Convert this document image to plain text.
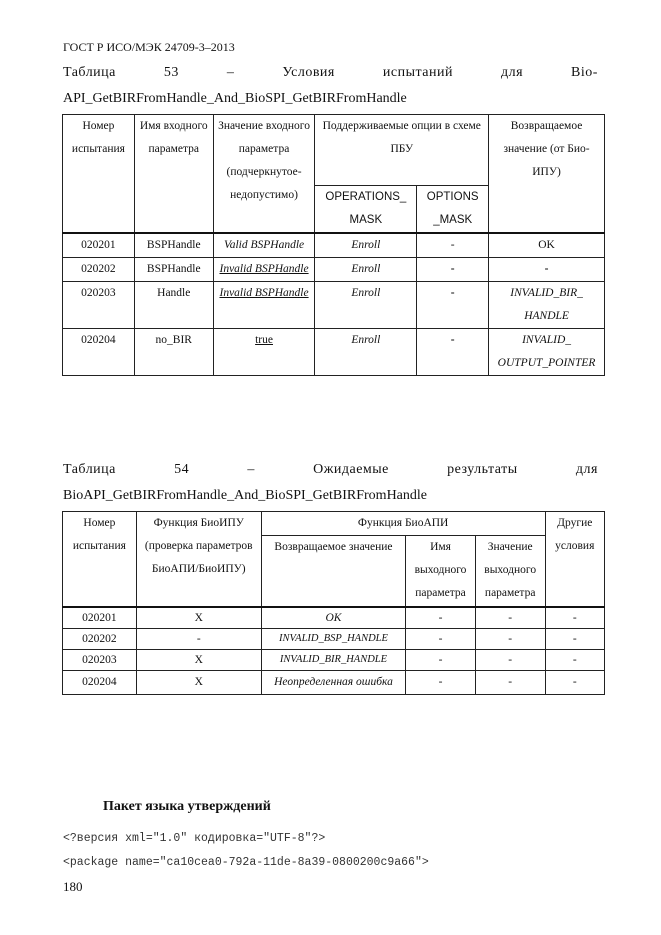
ГОСТ Р ИСО/МЭК 24709-3–2013
Таблица	53	–	Условия	испытаний	для	Bio-
API_GetBIRFromHandle_And_BioSPI_GetBIRFromHandle
Номер испытания	Имя входного параметра	Значение входного параметра (подчеркнутое-недопустимо)	Поддерживаемые опции в схеме ПБУ		Возвращаемое значение (от Био-ИПУ)
			OPERATIONS_ MASK	OPTIONS _MASK	
020201	BSPHandle	Valid BSPHandle	Enroll	-	OK
020202	BSPHandle	Invalid BSPHandle	Enroll	-	-
020203	Handle	Invalid BSPHandle	Enroll	-	INVALID_BIR_ HANDLE
020204	no_BIR	true	Enroll	-	INVALID_ OUTPUT_POINTER
Таблица	54	–	Ожидаемые	результаты	для
BioAPI_GetBIRFromHandle_And_BioSPI_GetBIRFromHandle
Номер испытания	Функция БиоИПУ (проверка параметров БиоАПИ/БиоИПУ)	Функция БиоАПИ			Другие условия
		Возвращаемое значение	Имя выходного параметра	Значение выходного параметра	
020201	X	OK	-	-	-
020202	-	INVALID_BSP_HANDLE	-	-	-
020203	X	INVALID_BIR_HANDLE	-	-	-
020204	X	Неопределенная ошибка	-	-	-
Пакет языка утверждений
<?версия xml="1.0" кодировка="UTF-8"?>
<package name="ca10cea0-792a-11de-8a39-0800200c9a66">
180
